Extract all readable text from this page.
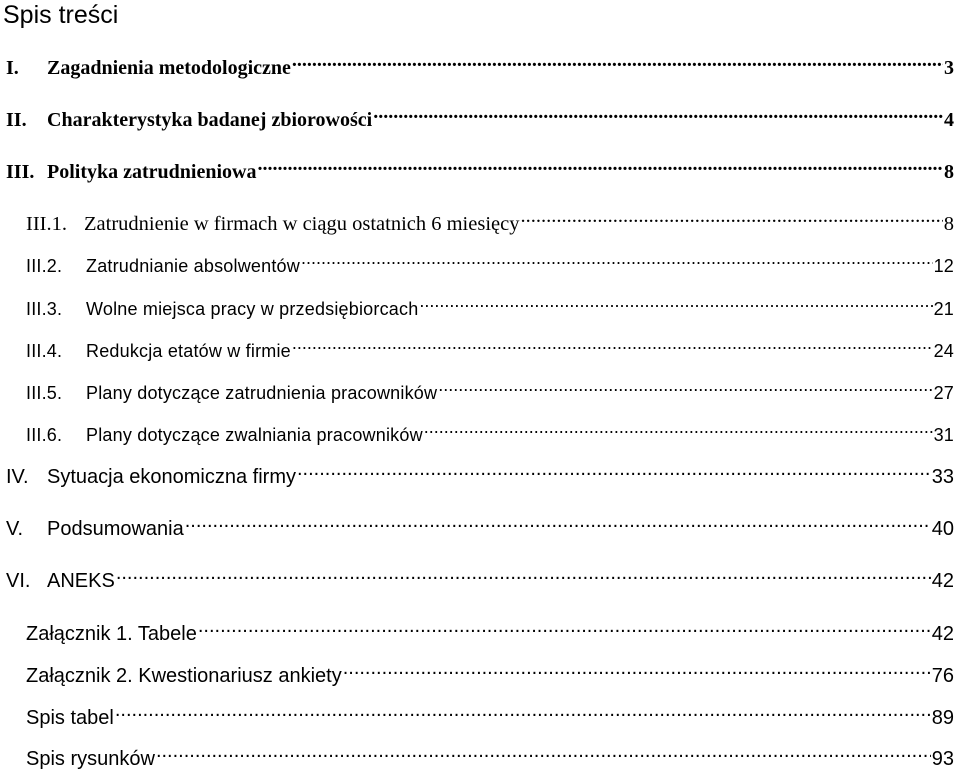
Spis treści
I.	Zagadnienia metodologiczne .....	3
II.	Charakterystyka badanej zbiorowości .....	4
III. Polityka zatrudnieniowa .....	8
III.1. Zatrudnienie w firmach w ciągu ostatnich 6 miesięcy .....	8
III.2.	Zatrudnianie absolwentów .....	12
III.3.	Wolne miejsca pracy w przedsiębiorcach .....	21
III.4.	Redukcja etatów w firmie .....	24
III.5.	Plany dotyczące zatrudnienia pracowników .....	27
III.6.	Plany dotyczące zwalniania pracowników .....	31
IV. Sytuacja ekonomiczna firmy .....	33
V.	Podsumowania .....	40
VI. ANEKS .....	42
Załącznik 1. Tabele .....	42
Załącznik 2. Kwestionariusz ankiety .....	76
Spis tabel .....	89
Spis rysunków .....	93
